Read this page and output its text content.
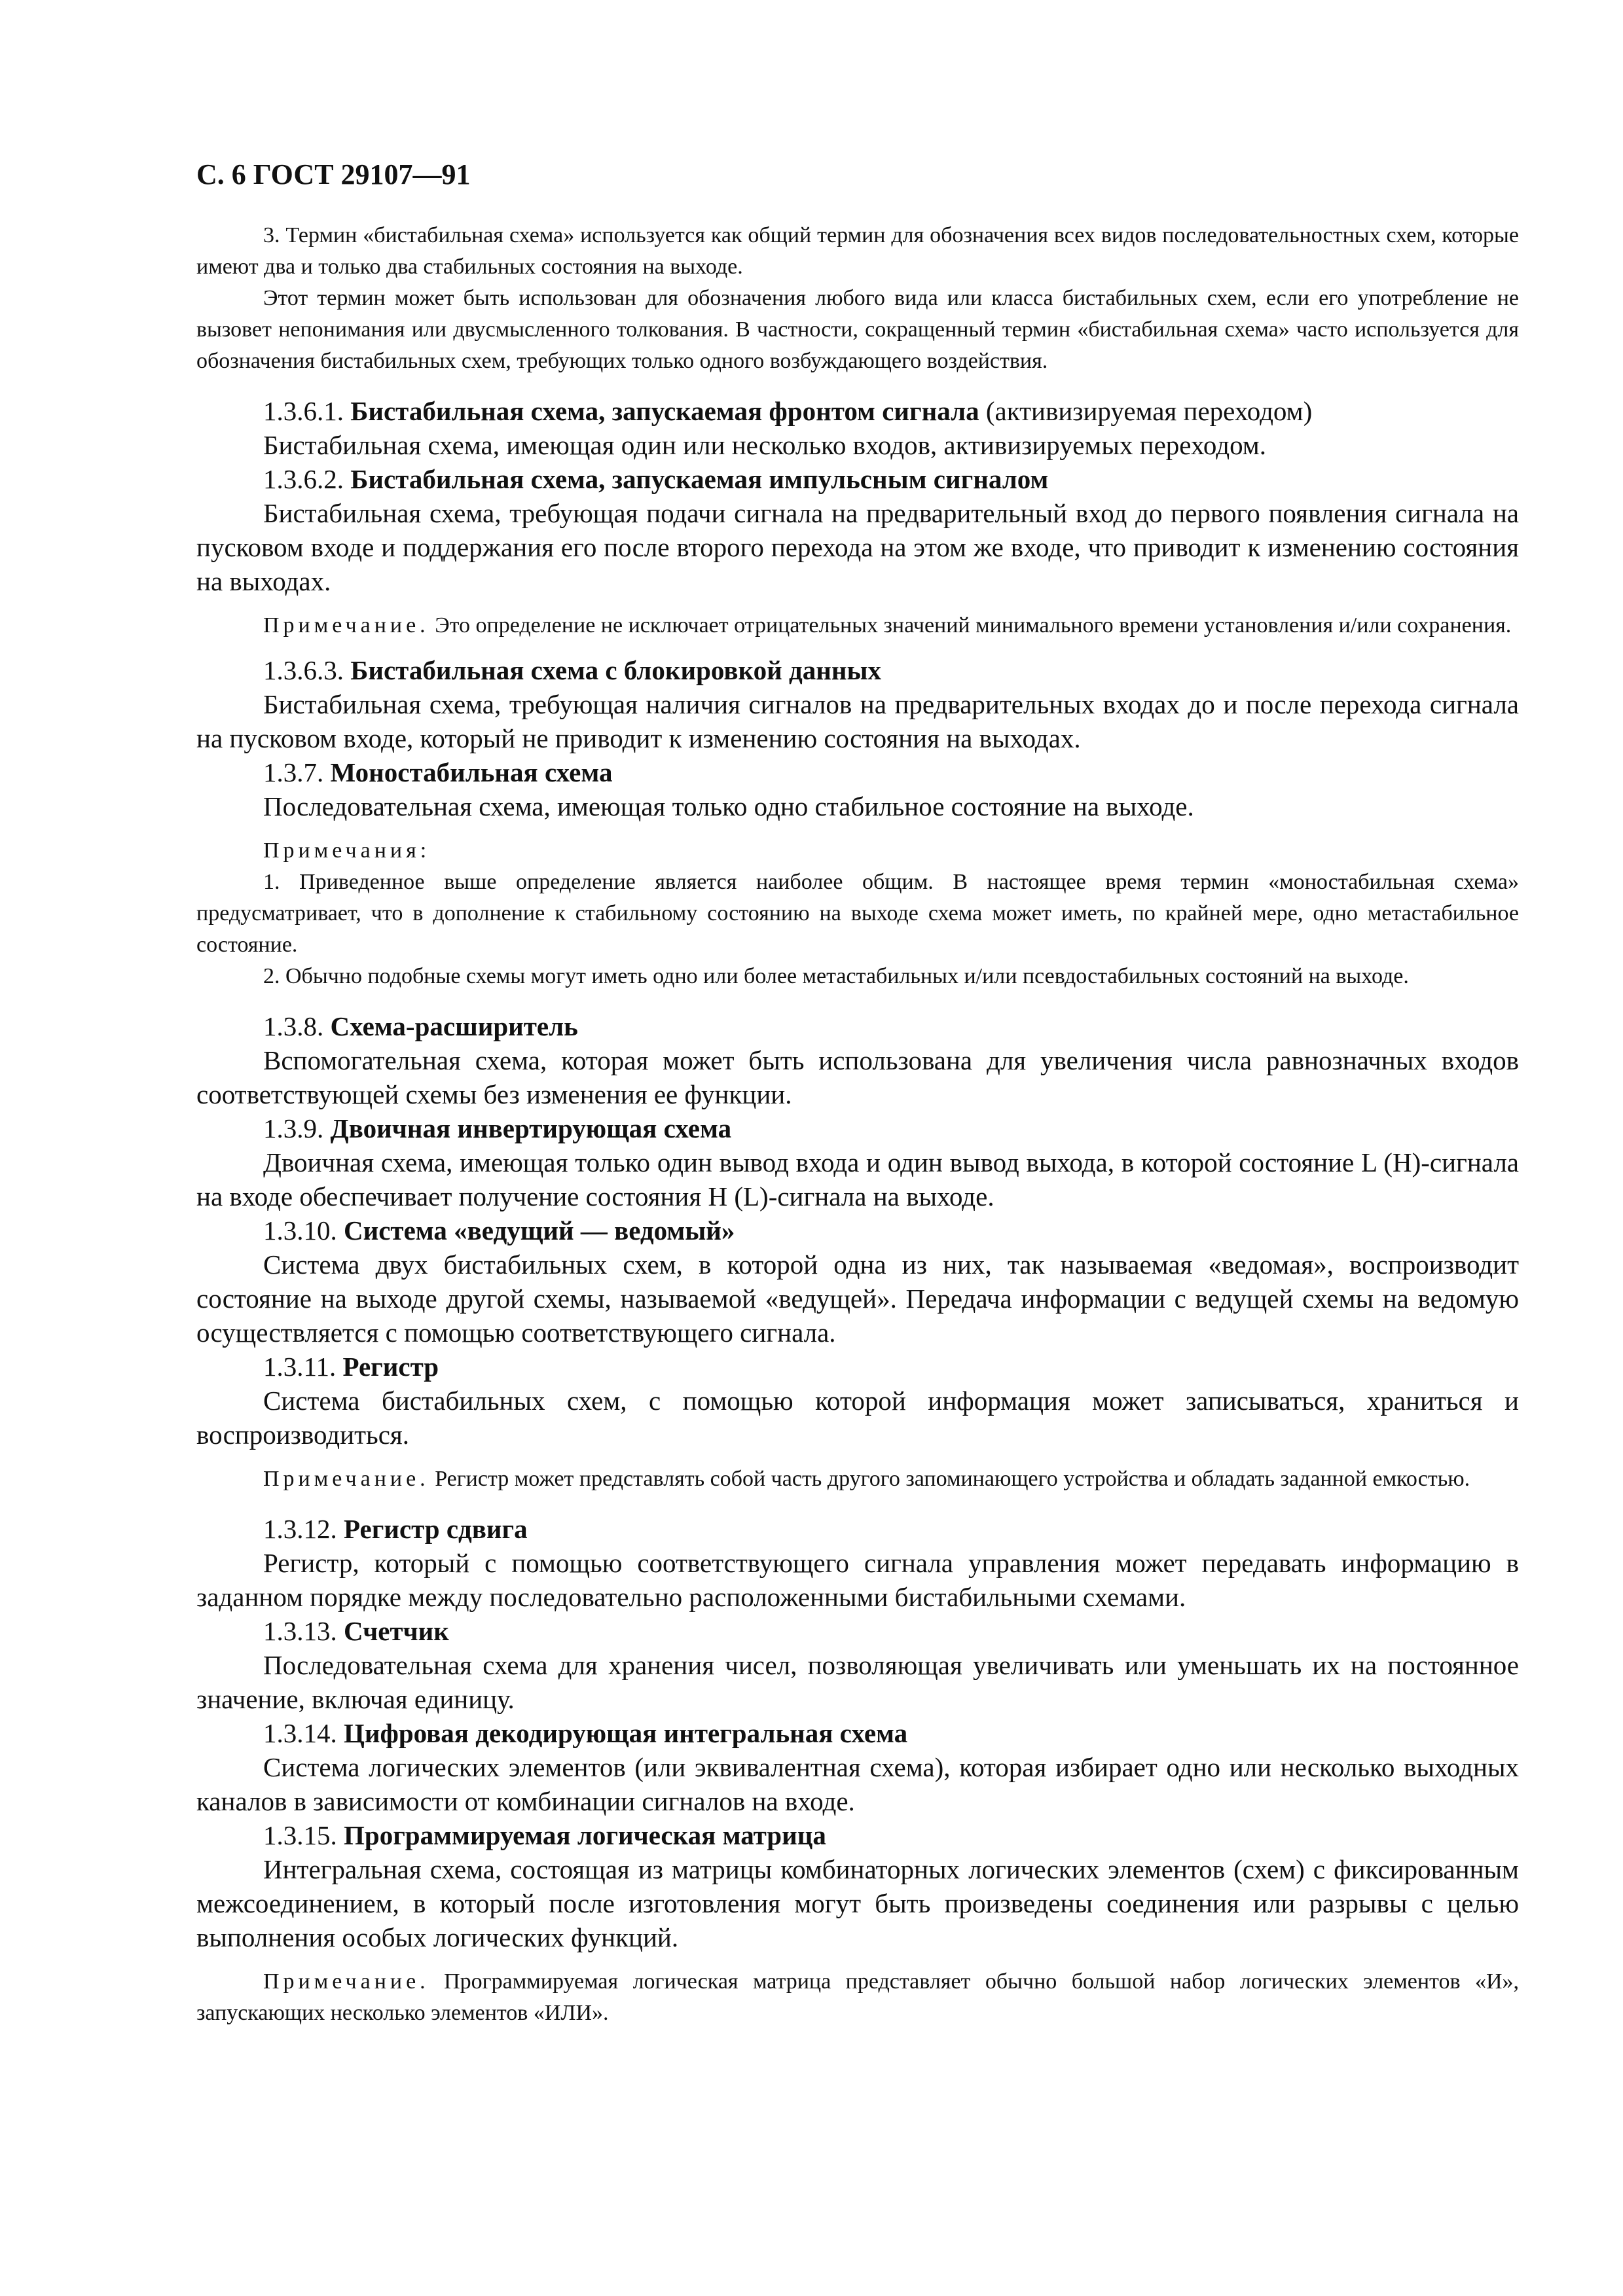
С. 6 ГОСТ 29107—91

3. Термин «бистабильная схема» используется как общий термин для обозначения всех видов последовательностных схем, которые имеют два и только два стабильных состояния на выходе.

Этот термин может быть использован для обозначения любого вида или класса бистабильных схем, если его употребление не вызовет непонимания или двусмысленного толкования. В частности, сокращенный термин «бистабильная схема» часто используется для обозначения бистабильных схем, требующих только одного возбуждающего воздействия.

1.3.6.1. Бистабильная схема, запускаемая фронтом сигнала (активизируемая переходом)

Бистабильная схема, имеющая один или несколько входов, активизируемых переходом.

1.3.6.2. Бистабильная схема, запускаемая импульсным сигналом

Бистабильная схема, требующая подачи сигнала на предварительный вход до первого появления сигнала на пусковом входе и поддержания его после второго перехода на этом же входе, что приводит к изменению состояния на выходах.

Примечание. Это определение не исключает отрицательных значений минимального времени установления и/или сохранения.

1.3.6.3. Бистабильная схема с блокировкой данных

Бистабильная схема, требующая наличия сигналов на предварительных входах до и после перехода сигнала на пусковом входе, который не приводит к изменению состояния на выходах.

1.3.7. Моностабильная схема

Последовательная схема, имеющая только одно стабильное состояние на выходе.

Примечания:

1. Приведенное выше определение является наиболее общим. В настоящее время термин «моностабильная схема» предусматривает, что в дополнение к стабильному состоянию на выходе схема может иметь, по крайней мере, одно метастабильное состояние.

2. Обычно подобные схемы могут иметь одно или более метастабильных и/или псевдостабильных состояний на выходе.

1.3.8. Схема-расширитель

Вспомогательная схема, которая может быть использована для увеличения числа равнозначных входов соответствующей схемы без изменения ее функции.

1.3.9. Двоичная инвертирующая схема

Двоичная схема, имеющая только один вывод входа и один вывод выхода, в которой состояние L (H)-сигнала на входе обеспечивает получение состояния H (L)-сигнала на выходе.

1.3.10. Система «ведущий — ведомый»

Система двух бистабильных схем, в которой одна из них, так называемая «ведомая», воспроизводит состояние на выходе другой схемы, называемой «ведущей». Передача информации с ведущей схемы на ведомую осуществляется с помощью соответствующего сигнала.

1.3.11. Регистр

Система бистабильных схем, с помощью которой информация может записываться, храниться и воспроизводиться.

Примечание. Регистр может представлять собой часть другого запоминающего устройства и обладать заданной емкостью.

1.3.12. Регистр сдвига

Регистр, который с помощью соответствующего сигнала управления может передавать информацию в заданном порядке между последовательно расположенными бистабильными схемами.

1.3.13. Счетчик

Последовательная схема для хранения чисел, позволяющая увеличивать или уменьшать их на постоянное значение, включая единицу.

1.3.14. Цифровая декодирующая интегральная схема

Система логических элементов (или эквивалентная схема), которая избирает одно или несколько выходных каналов в зависимости от комбинации сигналов на входе.

1.3.15. Программируемая логическая матрица

Интегральная схема, состоящая из матрицы комбинаторных логических элементов (схем) с фиксированным межсоединением, в который после изготовления могут быть произведены соединения или разрывы с целью выполнения особых логических функций.

Примечание. Программируемая логическая матрица представляет обычно большой набор логических элементов «И», запускающих несколько элементов «ИЛИ».
